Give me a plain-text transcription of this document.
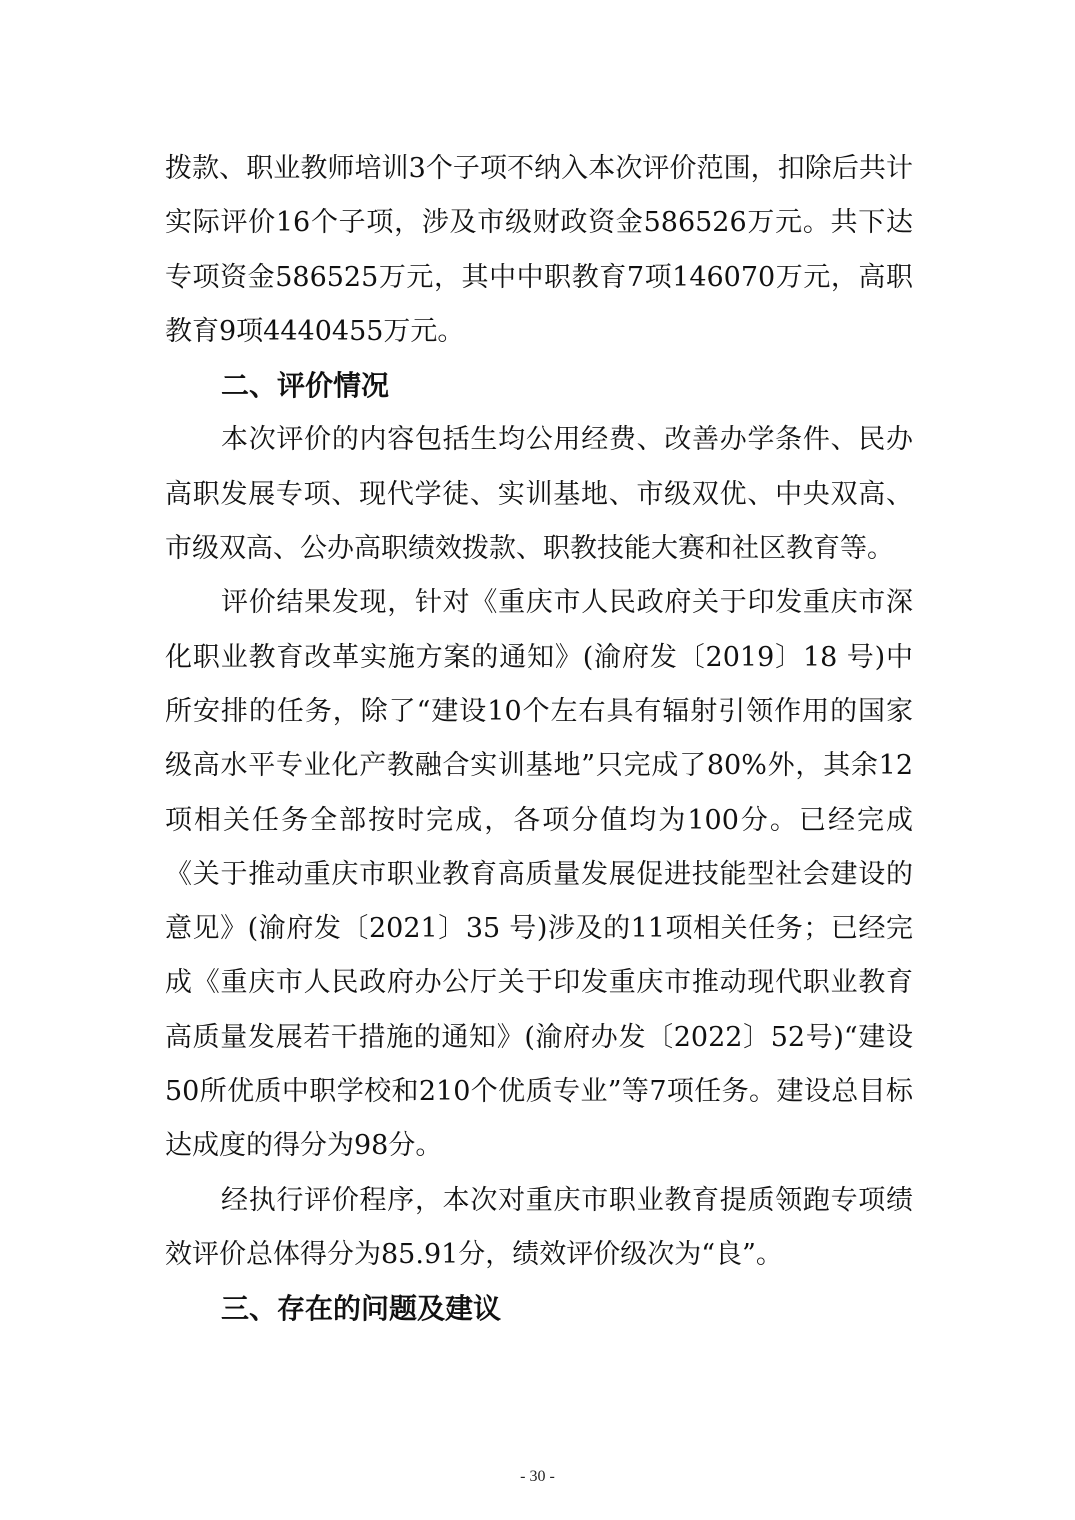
拨款、职业教师培训3个子项不纳入本次评价范围，扣除后共计实际评价16个子项，涉及市级财政资金586526万元。共下达专项资金586525万元，其中中职教育7项146070万元，高职教育9项4440455万元。

二、评价情况

本次评价的内容包括生均公用经费、改善办学条件、民办高职发展专项、现代学徒、实训基地、市级双优、中央双高、市级双高、公办高职绩效拨款、职教技能大赛和社区教育等。

评价结果发现，针对《重庆市人民政府关于印发重庆市深化职业教育改革实施方案的通知》(渝府发〔2019〕18 号)中所安排的任务，除了“建设10个左右具有辐射引领作用的国家级高水平专业化产教融合实训基地”只完成了80%外，其余12项相关任务全部按时完成，各项分值均为100分。已经完成《关于推动重庆市职业教育高质量发展促进技能型社会建设的意见》(渝府发〔2021〕35 号)涉及的11项相关任务；已经完成《重庆市人民政府办公厅关于印发重庆市推动现代职业教育高质量发展若干措施的通知》(渝府办发〔2022〕52号)“建设50所优质中职学校和210个优质专业”等7项任务。建设总目标达成度的得分为98分。

经执行评价程序，本次对重庆市职业教育提质领跑专项绩效评价总体得分为85.91分，绩效评价级次为“良”。

三、存在的问题及建议
- 30 -
